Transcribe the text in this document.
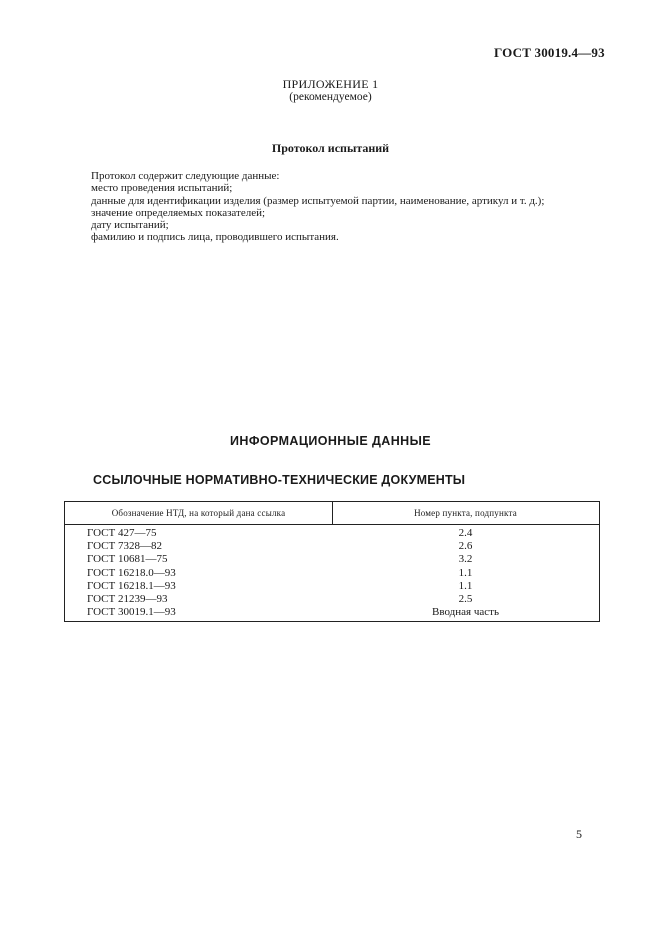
ГОСТ 30019.4—93
ПРИЛОЖЕНИЕ 1
(рекомендуемое)
Протокол испытаний
Протокол содержит следующие данные:
место проведения испытаний;
данные для идентификации изделия (размер испытуемой партии, наименование, артикул и т. д.);
значение определяемых показателей;
дату испытаний;
фамилию и подпись лица, проводившего испытания.
ИНФОРМАЦИОННЫЕ ДАННЫЕ
ССЫЛОЧНЫЕ НОРМАТИВНО-ТЕХНИЧЕСКИЕ ДОКУМЕНТЫ
Обозначение НТД, на который дана ссылка	Номер пункта, подпункта
ГОСТ 427—75	2.4
ГОСТ 7328—82	2.6
ГОСТ 10681—75	3.2
ГОСТ 16218.0—93	1.1
ГОСТ 16218.1—93	1.1
ГОСТ 21239—93	2.5
ГОСТ 30019.1—93	Вводная часть
5
